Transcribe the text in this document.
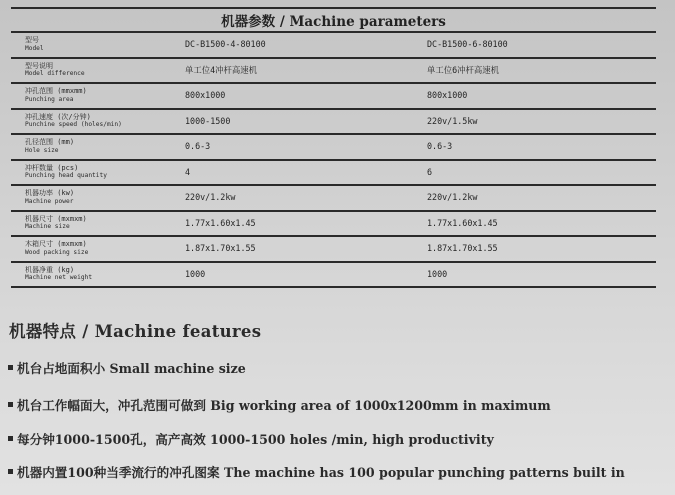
机器参数 / Machine parameters
型号
Model	DC-B1500-4-80100	DC-B1500-6-80100
型号说明
Model difference	单工位4冲杆高速机	单工位6冲杆高速机
冲孔范围 (mmxmm)
Punching area	800x1000	800x1000
冲孔速度 (次/分钟)
Punchine speed (holes/min)	1000-1500	220v/1.5kw
孔径范围 (mm)
Hole size	0.6-3	0.6-3
冲杆数量 (pcs)
Punching head quantity	4	6
机器功率 (kw)
Machine power	220v/1.2kw	220v/1.2kw
机器尺寸 (mxmxm)
Machine size	1.77x1.60x1.45	1.77x1.60x1.45
木箱尺寸 (mxmxm)
Wood packing size	1.87x1.70x1.55	1.87x1.70x1.55
机器净重 (kg)
Machine net weight	1000	1000
机器特点 / Machine features
机台占地面积小 Small machine size
机台工作幅面大，冲孔范围可做到 Big working area of 1000x1200mm in maximum
每分钟1000-1500孔，高产高效 1000-1500 holes /min, high productivity
机器内置100种当季流行的冲孔图案 The machine has 100 popular punching patterns built in
